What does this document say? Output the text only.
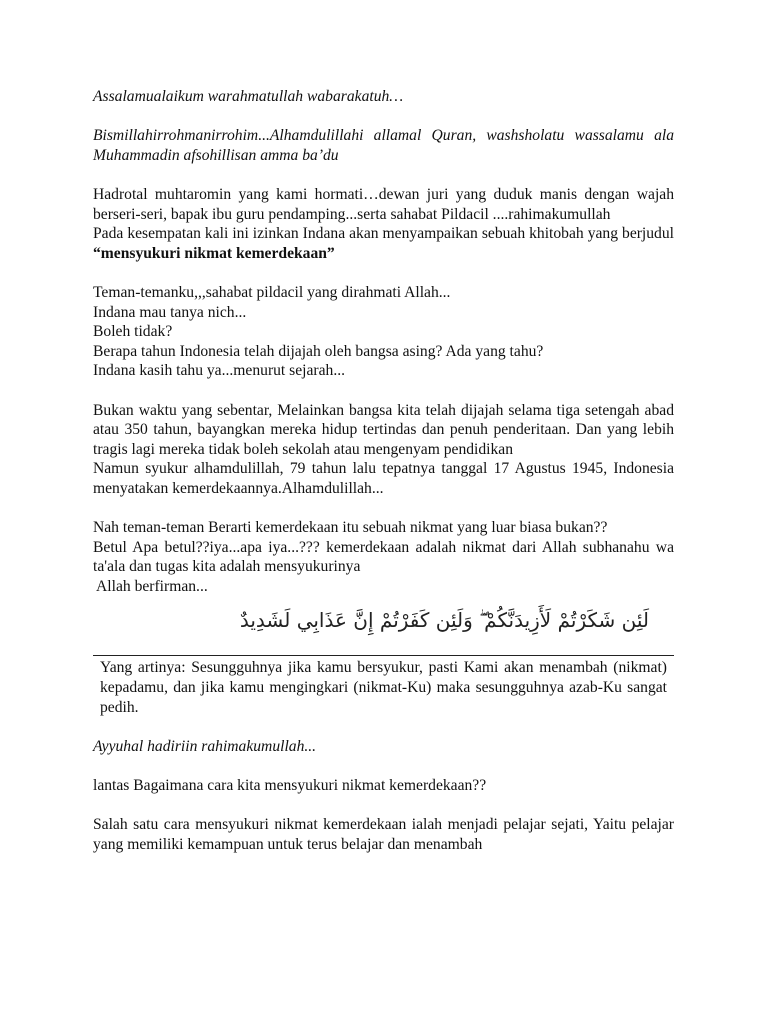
Assalamualaikum warahmatullah wabarakatuh…

Bismillahirrohmanirrohim...Alhamdulillahi allamal Quran, washsholatu wassalamu ala Muhammadin afsohillisan amma ba’du

Hadrotal muhtaromin yang kami hormati…dewan juri yang duduk manis dengan wajah berseri-seri, bapak ibu guru pendamping...serta sahabat Pildacil ....rahimakumullah

Pada kesempatan kali ini izinkan Indana akan menyampaikan sebuah khitobah yang berjudul “mensyukuri nikmat kemerdekaan”

Teman-temanku,,,sahabat pildacil yang dirahmati Allah...

Indana mau tanya nich...

Boleh tidak?

Berapa tahun Indonesia telah dijajah oleh bangsa asing? Ada yang tahu?

Indana kasih tahu ya...menurut sejarah...

Bukan waktu yang sebentar, Melainkan bangsa kita telah dijajah selama tiga setengah abad atau 350 tahun, bayangkan mereka hidup tertindas dan penuh penderitaan. Dan yang lebih tragis lagi mereka tidak boleh sekolah atau mengenyam pendidikan

Namun syukur alhamdulillah, 79 tahun lalu tepatnya tanggal 17 Agustus 1945, Indonesia menyatakan kemerdekaannya.Alhamdulillah...

Nah teman-teman Berarti kemerdekaan itu sebuah nikmat yang luar biasa bukan??

Betul Apa betul??iya...apa iya...??? kemerdekaan adalah nikmat dari Allah subhanahu wa ta'ala dan tugas kita adalah mensyukurinya

Allah berfirman...

لَئِن شَكَرْتُمْ لَأَزِيدَنَّكُمْ ۖ وَلَئِن كَفَرْتُمْ إِنَّ عَذَابِي لَشَدِيدٌ

Yang artinya: Sesungguhnya jika kamu bersyukur, pasti Kami akan menambah (nikmat) kepadamu, dan jika kamu mengingkari (nikmat-Ku) maka sesungguhnya azab-Ku sangat pedih.

Ayyuhal hadiriin rahimakumullah...

lantas Bagaimana cara kita mensyukuri nikmat kemerdekaan??

Salah satu cara mensyukuri nikmat kemerdekaan ialah menjadi pelajar sejati, Yaitu pelajar yang memiliki kemampuan untuk terus belajar dan menambah
